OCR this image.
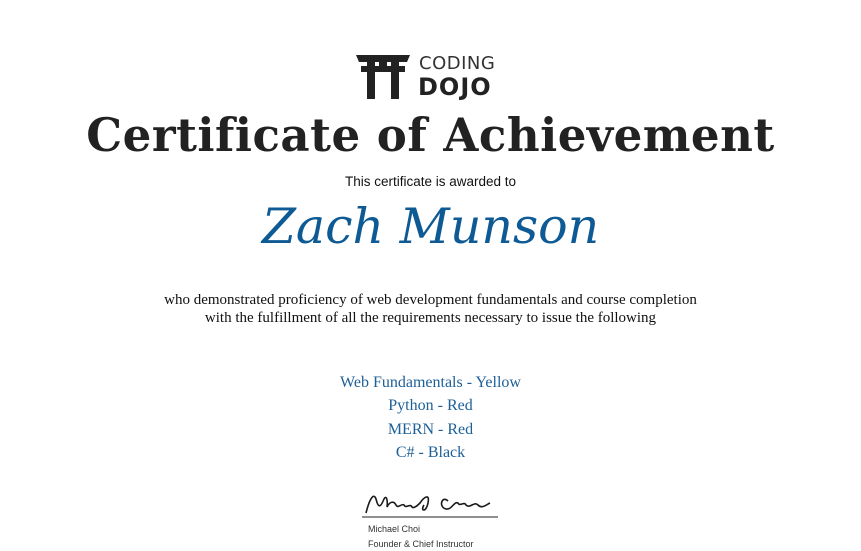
CODING
DOJO
Certificate of Achievement
This certificate is awarded to
Zach Munson
who demonstrated proficiency of web development fundamentals and course completion with the fulfillment of all the requirements necessary to issue the following
Web Fundamentals - Yellow
Python - Red
MERN - Red
C# - Black
Michael Choi
Founder & Chief Instructor
